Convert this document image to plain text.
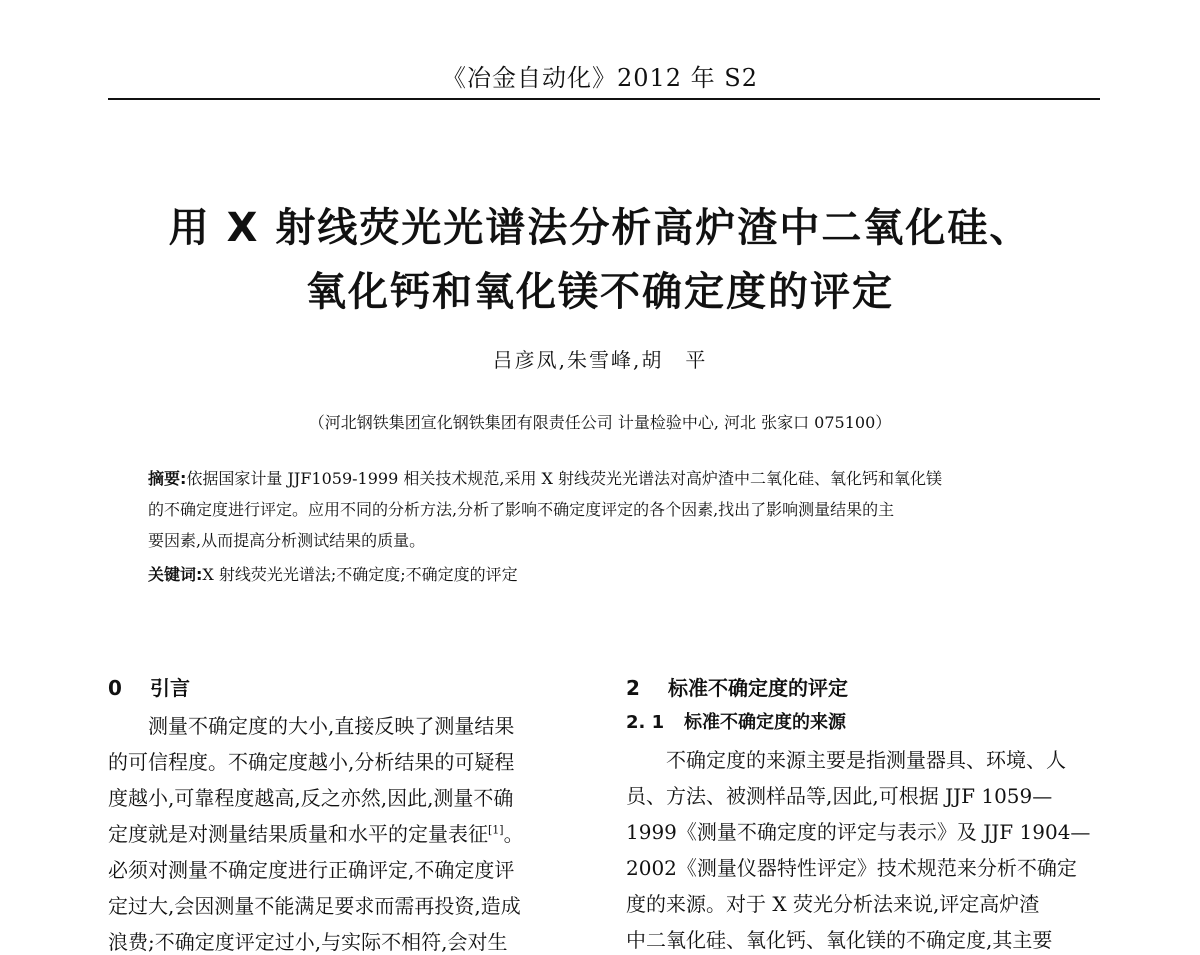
《冶金自动化》2012 年 S2
用 X 射线荧光光谱法分析高炉渣中二氧化硅、
氧化钙和氧化镁不确定度的评定
吕彦凤,朱雪峰,胡　平
（河北钢铁集团宣化钢铁集团有限责任公司 计量检验中心, 河北 张家口 075100）
摘要:依据国家计量 JJF1059-1999 相关技术规范,采用 X 射线荧光光谱法对高炉渣中二氧化硅、氧化钙和氧化镁
的不确定度进行评定。应用不同的分析方法,分析了影响不确定度评定的各个因素,找出了影响测量结果的主
要因素,从而提高分析测试结果的质量。
关键词:X 射线荧光光谱法;不确定度;不确定度的评定
0 引言
测量不确定度的大小,直接反映了测量结果
的可信程度。不确定度越小,分析结果的可疑程
度越小,可靠程度越高,反之亦然,因此,测量不确
定度就是对测量结果质量和水平的定量表征[1]。
必须对测量不确定度进行正确评定,不确定度评
定过大,会因测量不能满足要求而需再投资,造成
浪费;不确定度评定过小,与实际不相符,会对生
2 标准不确定度的评定
2. 1 标准不确定度的来源
不确定度的来源主要是指测量器具、环境、人
员、方法、被测样品等,因此,可根据 JJF 1059—
1999《测量不确定度的评定与表示》及 JJF 1904—
2002《测量仪器特性评定》技术规范来分析不确定
度的来源。对于 X 荧光分析法来说,评定高炉渣
中二氧化硅、氧化钙、氧化镁的不确定度,其主要
